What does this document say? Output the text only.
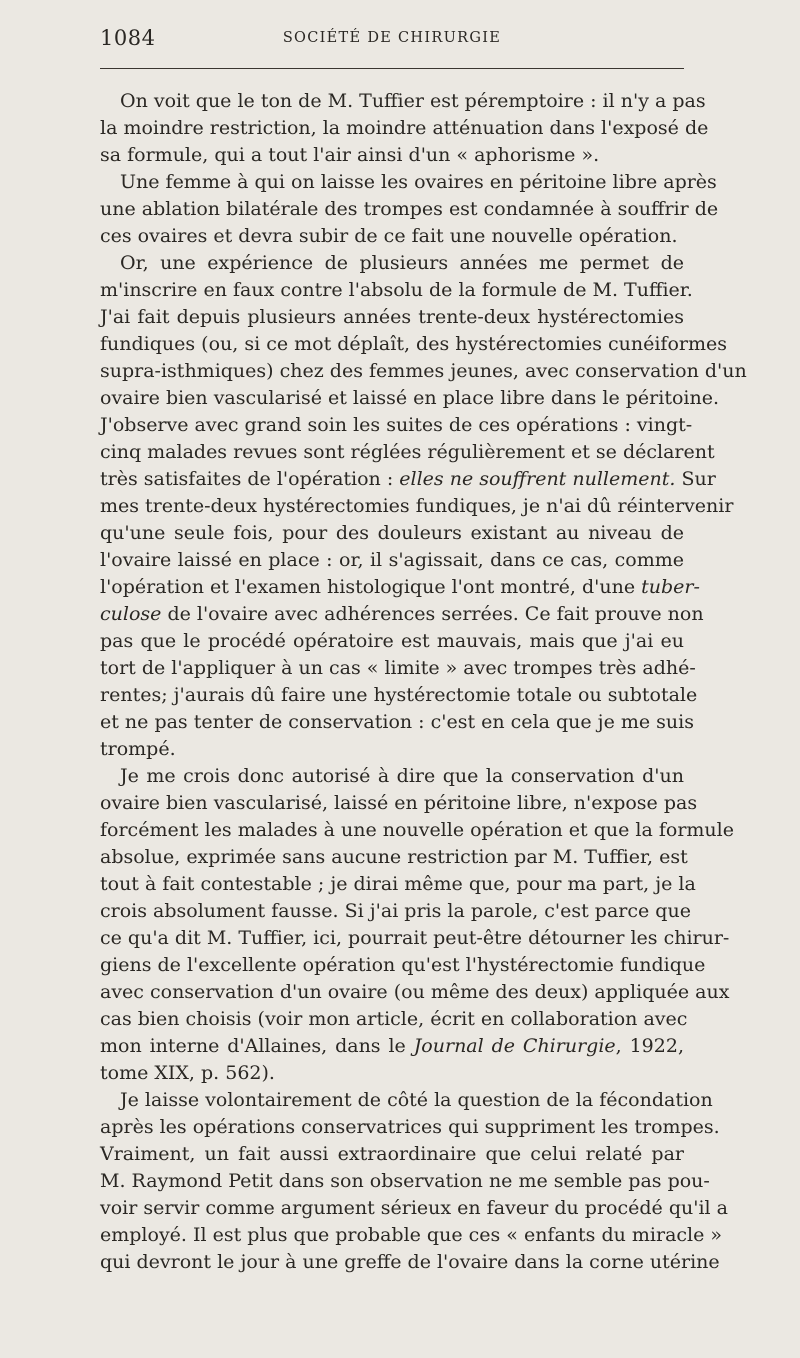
1084	SOCIÉTÉ DE CHIRURGIE
On voit que le ton de M. Tuffier est péremptoire : il n'y a pas
la moindre restriction, la moindre atténuation dans l'exposé de
sa formule, qui a tout l'air ainsi d'un « aphorisme ».
Une femme à qui on laisse les ovaires en péritoine libre après
une ablation bilatérale des trompes est condamnée à souffrir de
ces ovaires et devra subir de ce fait une nouvelle opération.
Or, une expérience de plusieurs années me permet de
m'inscrire en faux contre l'absolu de la formule de M. Tuffier.
J'ai fait depuis plusieurs années trente-deux hystérectomies
fundiques (ou, si ce mot déplaît, des hystérectomies cunéiformes
supra-isthmiques) chez des femmes jeunes, avec conservation d'un
ovaire bien vascularisé et laissé en place libre dans le péritoine.
J'observe avec grand soin les suites de ces opérations : vingt-
cinq malades revues sont réglées régulièrement et se déclarent
très satisfaites de l'opération : elles ne souffrent nullement. Sur
mes trente-deux hystérectomies fundiques, je n'ai dû réintervenir
qu'une seule fois, pour des douleurs existant au niveau de
l'ovaire laissé en place : or, il s'agissait, dans ce cas, comme
l'opération et l'examen histologique l'ont montré, d'une tuber-
culose de l'ovaire avec adhérences serrées. Ce fait prouve non
pas que le procédé opératoire est mauvais, mais que j'ai eu
tort de l'appliquer à un cas « limite » avec trompes très adhé-
rentes; j'aurais dû faire une hystérectomie totale ou subtotale
et ne pas tenter de conservation : c'est en cela que je me suis
trompé.
Je me crois donc autorisé à dire que la conservation d'un
ovaire bien vascularisé, laissé en péritoine libre, n'expose pas
forcément les malades à une nouvelle opération et que la formule
absolue, exprimée sans aucune restriction par M. Tuffier, est
tout à fait contestable ; je dirai même que, pour ma part, je la
crois absolument fausse. Si j'ai pris la parole, c'est parce que
ce qu'a dit M. Tuffier, ici, pourrait peut-être détourner les chirur-
giens de l'excellente opération qu'est l'hystérectomie fundique
avec conservation d'un ovaire (ou même des deux) appliquée aux
cas bien choisis (voir mon article, écrit en collaboration avec
mon interne d'Allaines, dans le Journal de Chirurgie, 1922,
tome XIX, p. 562).
Je laisse volontairement de côté la question de la fécondation
après les opérations conservatrices qui suppriment les trompes.
Vraiment, un fait aussi extraordinaire que celui relaté par
M. Raymond Petit dans son observation ne me semble pas pou-
voir servir comme argument sérieux en faveur du procédé qu'il a
employé. Il est plus que probable que ces « enfants du miracle »
qui devront le jour à une greffe de l'ovaire dans la corne utérine
